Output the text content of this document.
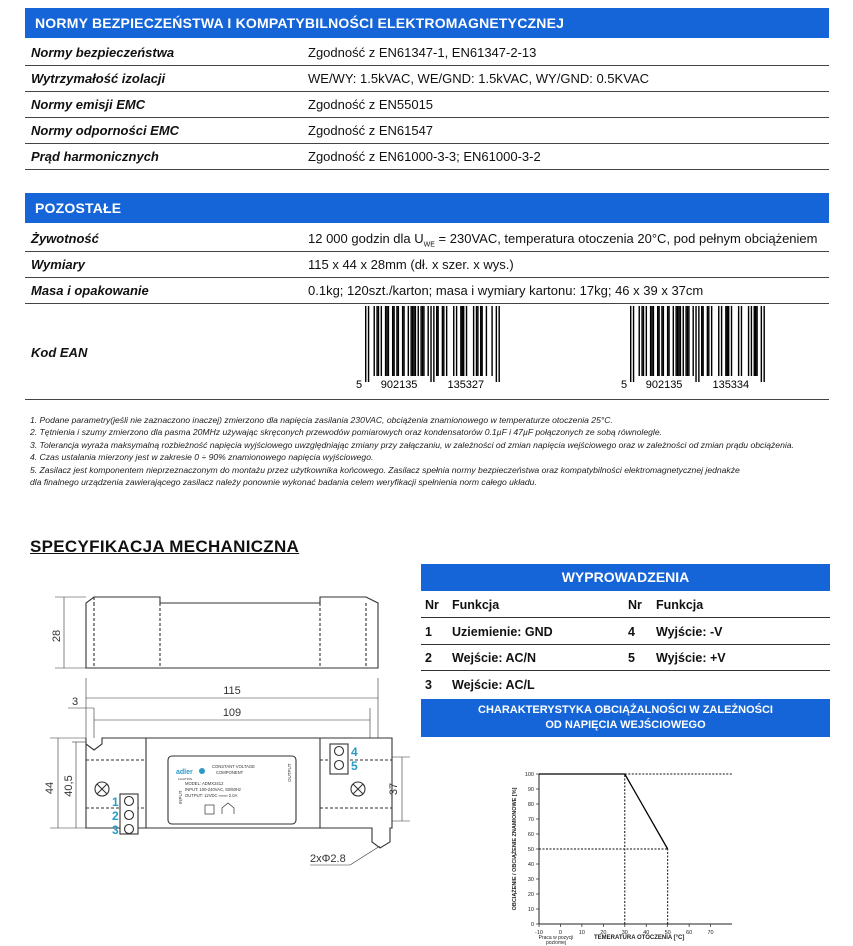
NORMY BEZPIECZEŃSTWA I KOMPATYBILNOŚCI ELEKTROMAGNETYCZNEJ
Normy bezpieczeństwa	Zgodność z EN61347-1, EN61347-2-13
Wytrzymałość izolacji	WE/WY: 1.5kVAC, WE/GND: 1.5kVAC, WY/GND: 0.5KVAC
Normy emisji EMC	Zgodność z EN55015
Normy odporności EMC	Zgodność z EN61547
Prąd harmonicznych	Zgodność z EN61000-3-3; EN61000-3-2
POZOSTAŁE
Żywotność	12 000 godzin dla $U_{WE} = 230VAC$, temperatura otoczenia 20°C, pod pełnym obciążeniem
Wymiary	115 x 44 x 28mm (dł. x szer. x wys.)
Masa i opakowanie	0.1kg; 120szt./karton; masa i wymiary kartonu: 17kg; 46 x 39 x 37cm
Kod EAN
5 902135	135327	5 902135	135334
1. Podane parametry(jeśli nie zaznaczono inaczej) zmierzono dla napięcia zasilania 230VAC, obciążenia znamionowego w temperaturze otoczenia 25°C.
2. Tętnienia i szumy zmierzono dla pasma 20MHz używając skręconych przewodów pomiarowych oraz kondensatorów 0.1µF i 47µF połączonych ze sobą równolegle.
3. Tolerancja wyraża maksymalną rozbieżność napięcia wyjściowego uwzględniając zmiany przy załączaniu, w zależności od zmian napięcia wejściowego oraz w zależności od zmian prądu obciążenia.
4. Czas ustalania mierzony jest w zakresie 0 ÷ 90% znamionowego napięcia wyjściowego.
5. Zasilacz jest komponentem nieprzeznaczonym do montażu przez użytkownika końcowego. Zasilacz spełnia normy bezpieczeństwa oraz kompatybilności elektromagnetycznej jednakże
dla finalnego urządzenia zawierającego zasilacz należy ponownie wykonać badania celem weryfikacji spełnienia norm całego układu.
SPECYFIKACJA MECHANICZNA
28
115
109
3
44 40,5	37
2xΦ2.8
1
2
3
4
5
adler
LIGHTING
CONSTANT VOLTAGE
COMPONENT
MODEL: ADMX2412
INPUT: 100-240VAC, 50/60Hz
OUTPUT: 12VDC ═══ 2.0A
INPUT
OUTPUT
WYPROWADZENIA
Nr Funkcja	Nr Funkcja
1 Uziemienie: GND	4 Wyjście: -V
2 Wejście: AC/N	5 Wyjście: +V
3 Wejście: AC/L
CHARAKTERYSTYKA OBCIĄŻALNOŚCI W ZALEŻNOŚCI
OD NAPIĘCIA WEJŚCIOWEGO
0
10
20
30
40
50
60
70
80
90
100
-10	0	10	20	30	40	50	60	70
OBCIĄŻENIE / OBCIĄŻENIE ZNAMIONOWE [%]
TEMERATURA OTOCZENIA [°C]
Praca w pozycji
poziomej
